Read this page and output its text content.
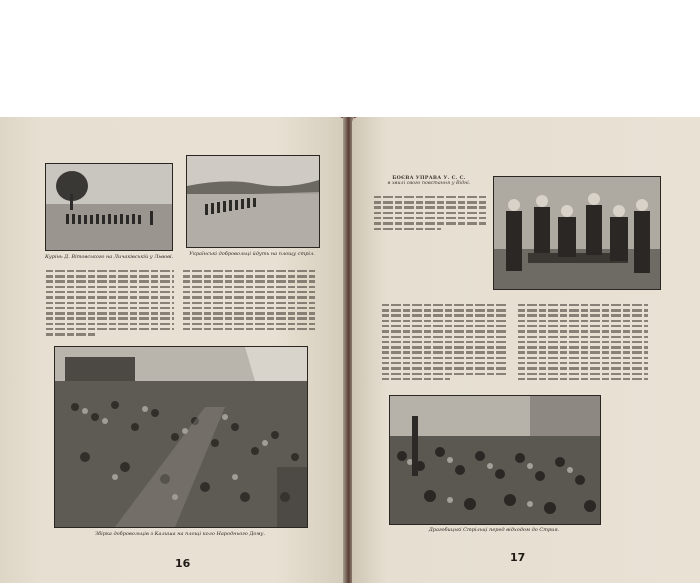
Курінь Д. Вітовського на Личаківській у Львові.	Українські добровольці йдуть на площу стріл.
Збірка добровольців з Калиша на площі коло Народнього Дому.
16
БОЄВА УПРАВА У. С. С.
в хвилі свого повстання у Відні.
Драгобицькі Стрільці перед відходом до Стрия.
17
